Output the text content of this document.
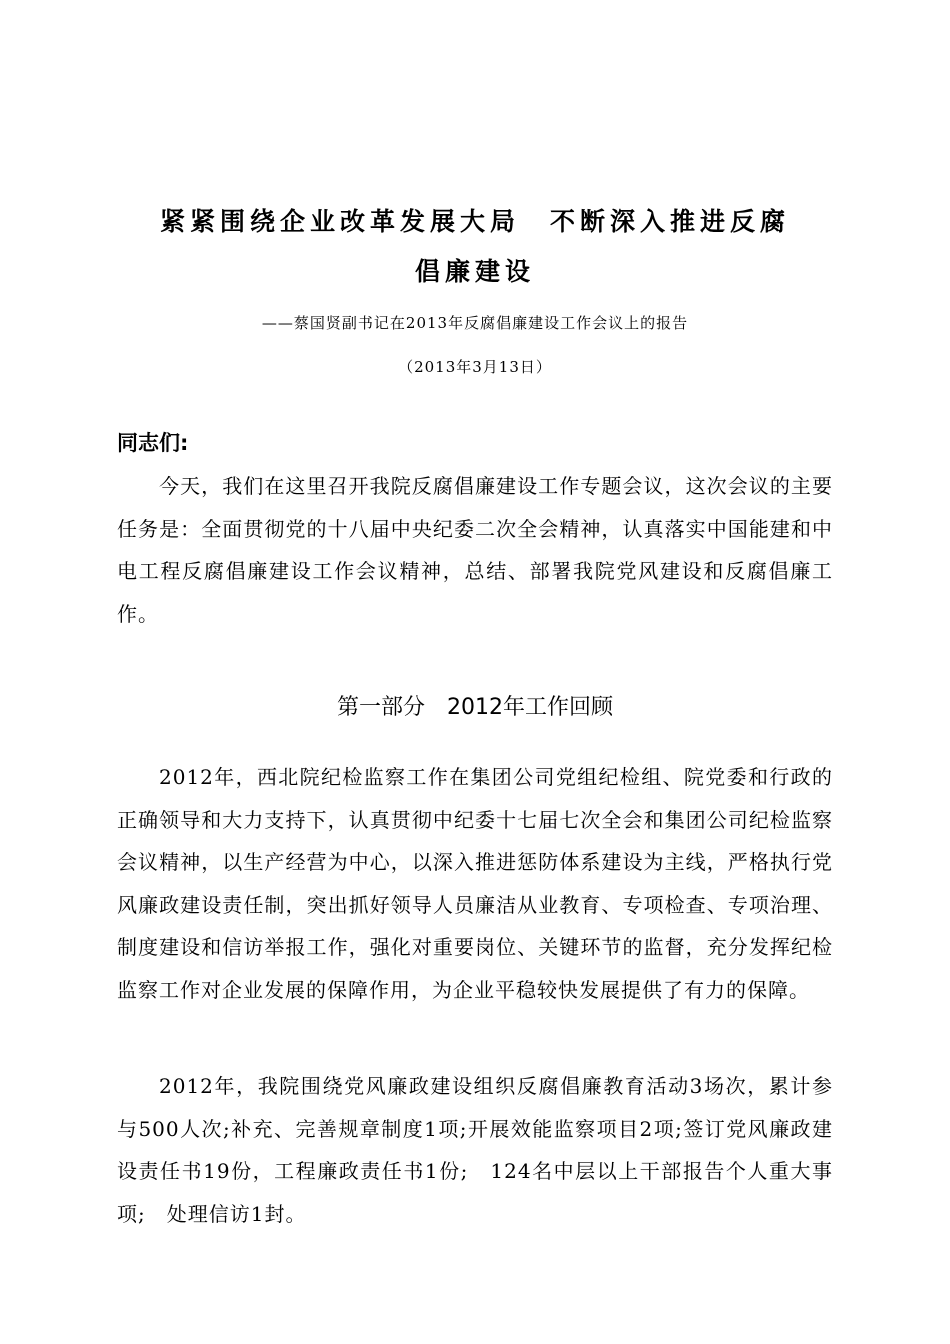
紧紧围绕企业改革发展大局　不断深入推进反腐
倡廉建设
——蔡国贤副书记在2013年反腐倡廉建设工作会议上的报告
（2013年3月13日）
同志们:

今天，我们在这里召开我院反腐倡廉建设工作专题会议，这次会议的主要任务是：全面贯彻党的十八届中央纪委二次全会精神，认真落实中国能建和中电工程反腐倡廉建设工作会议精神，总结、部署我院党风建设和反腐倡廉工作。

第一部分　2012年工作回顾

2012年，西北院纪检监察工作在集团公司党组纪检组、院党委和行政的正确领导和大力支持下，认真贯彻中纪委十七届七次全会和集团公司纪检监察会议精神，以生产经营为中心，以深入推进惩防体系建设为主线，严格执行党风廉政建设责任制，突出抓好领导人员廉洁从业教育、专项检查、专项治理、制度建设和信访举报工作，强化对重要岗位、关键环节的监督，充分发挥纪检监察工作对企业发展的保障作用，为企业平稳较快发展提供了有力的保障。

2012年，我院围绕党风廉政建设组织反腐倡廉教育活动3场次，累计参与500人次;补充、完善规章制度1项;开展效能监察项目2项;签订党风廉政建设责任书19份，工程廉政责任书1份;　124名中层以上干部报告个人重大事项;　处理信访1封。
